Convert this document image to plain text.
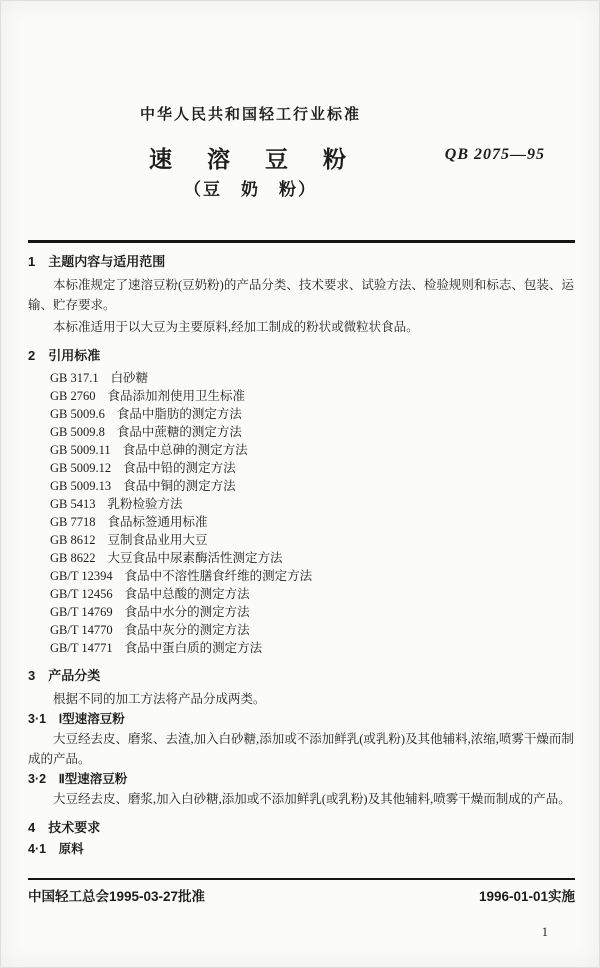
中华人民共和国轻工行业标准
速　溶　豆　粉
（豆　奶　粉）
QB 2075—95
1　主题内容与适用范围

本标准规定了速溶豆粉(豆奶粉)的产品分类、技术要求、试验方法、检验规则和标志、包装、运输、贮存要求。

本标准适用于以大豆为主要原料,经加工制成的粉状或微粒状食品。

2　引用标准
GB 317.1 白砂糖
GB 2760 食品添加剂使用卫生标准
GB 5009.6 食品中脂肪的测定方法
GB 5009.8 食品中蔗糖的测定方法
GB 5009.11 食品中总砷的测定方法
GB 5009.12 食品中铅的测定方法
GB 5009.13 食品中铜的测定方法
GB 5413 乳粉检验方法
GB 7718 食品标签通用标准
GB 8612 豆制食品业用大豆
GB 8622 大豆食品中尿素酶活性测定方法
GB/T 12394 食品中不溶性膳食纤维的测定方法
GB/T 12456 食品中总酸的测定方法
GB/T 14769 食品中水分的测定方法
GB/T 14770 食品中灰分的测定方法
GB/T 14771 食品中蛋白质的测定方法
3　产品分类

根据不同的加工方法将产品分成两类。

3·1　Ⅰ型速溶豆粉

大豆经去皮、磨浆、去渣,加入白砂糖,添加或不添加鲜乳(或乳粉)及其他辅料,浓缩,喷雾干燥而制成的产品。

3·2　Ⅱ型速溶豆粉

大豆经去皮、磨浆,加入白砂糖,添加或不添加鲜乳(或乳粉)及其他辅料,喷雾干燥而制成的产品。

4　技术要求
4·1　原料
中国轻工总会1995-03-27批准	1996-01-01实施
1
